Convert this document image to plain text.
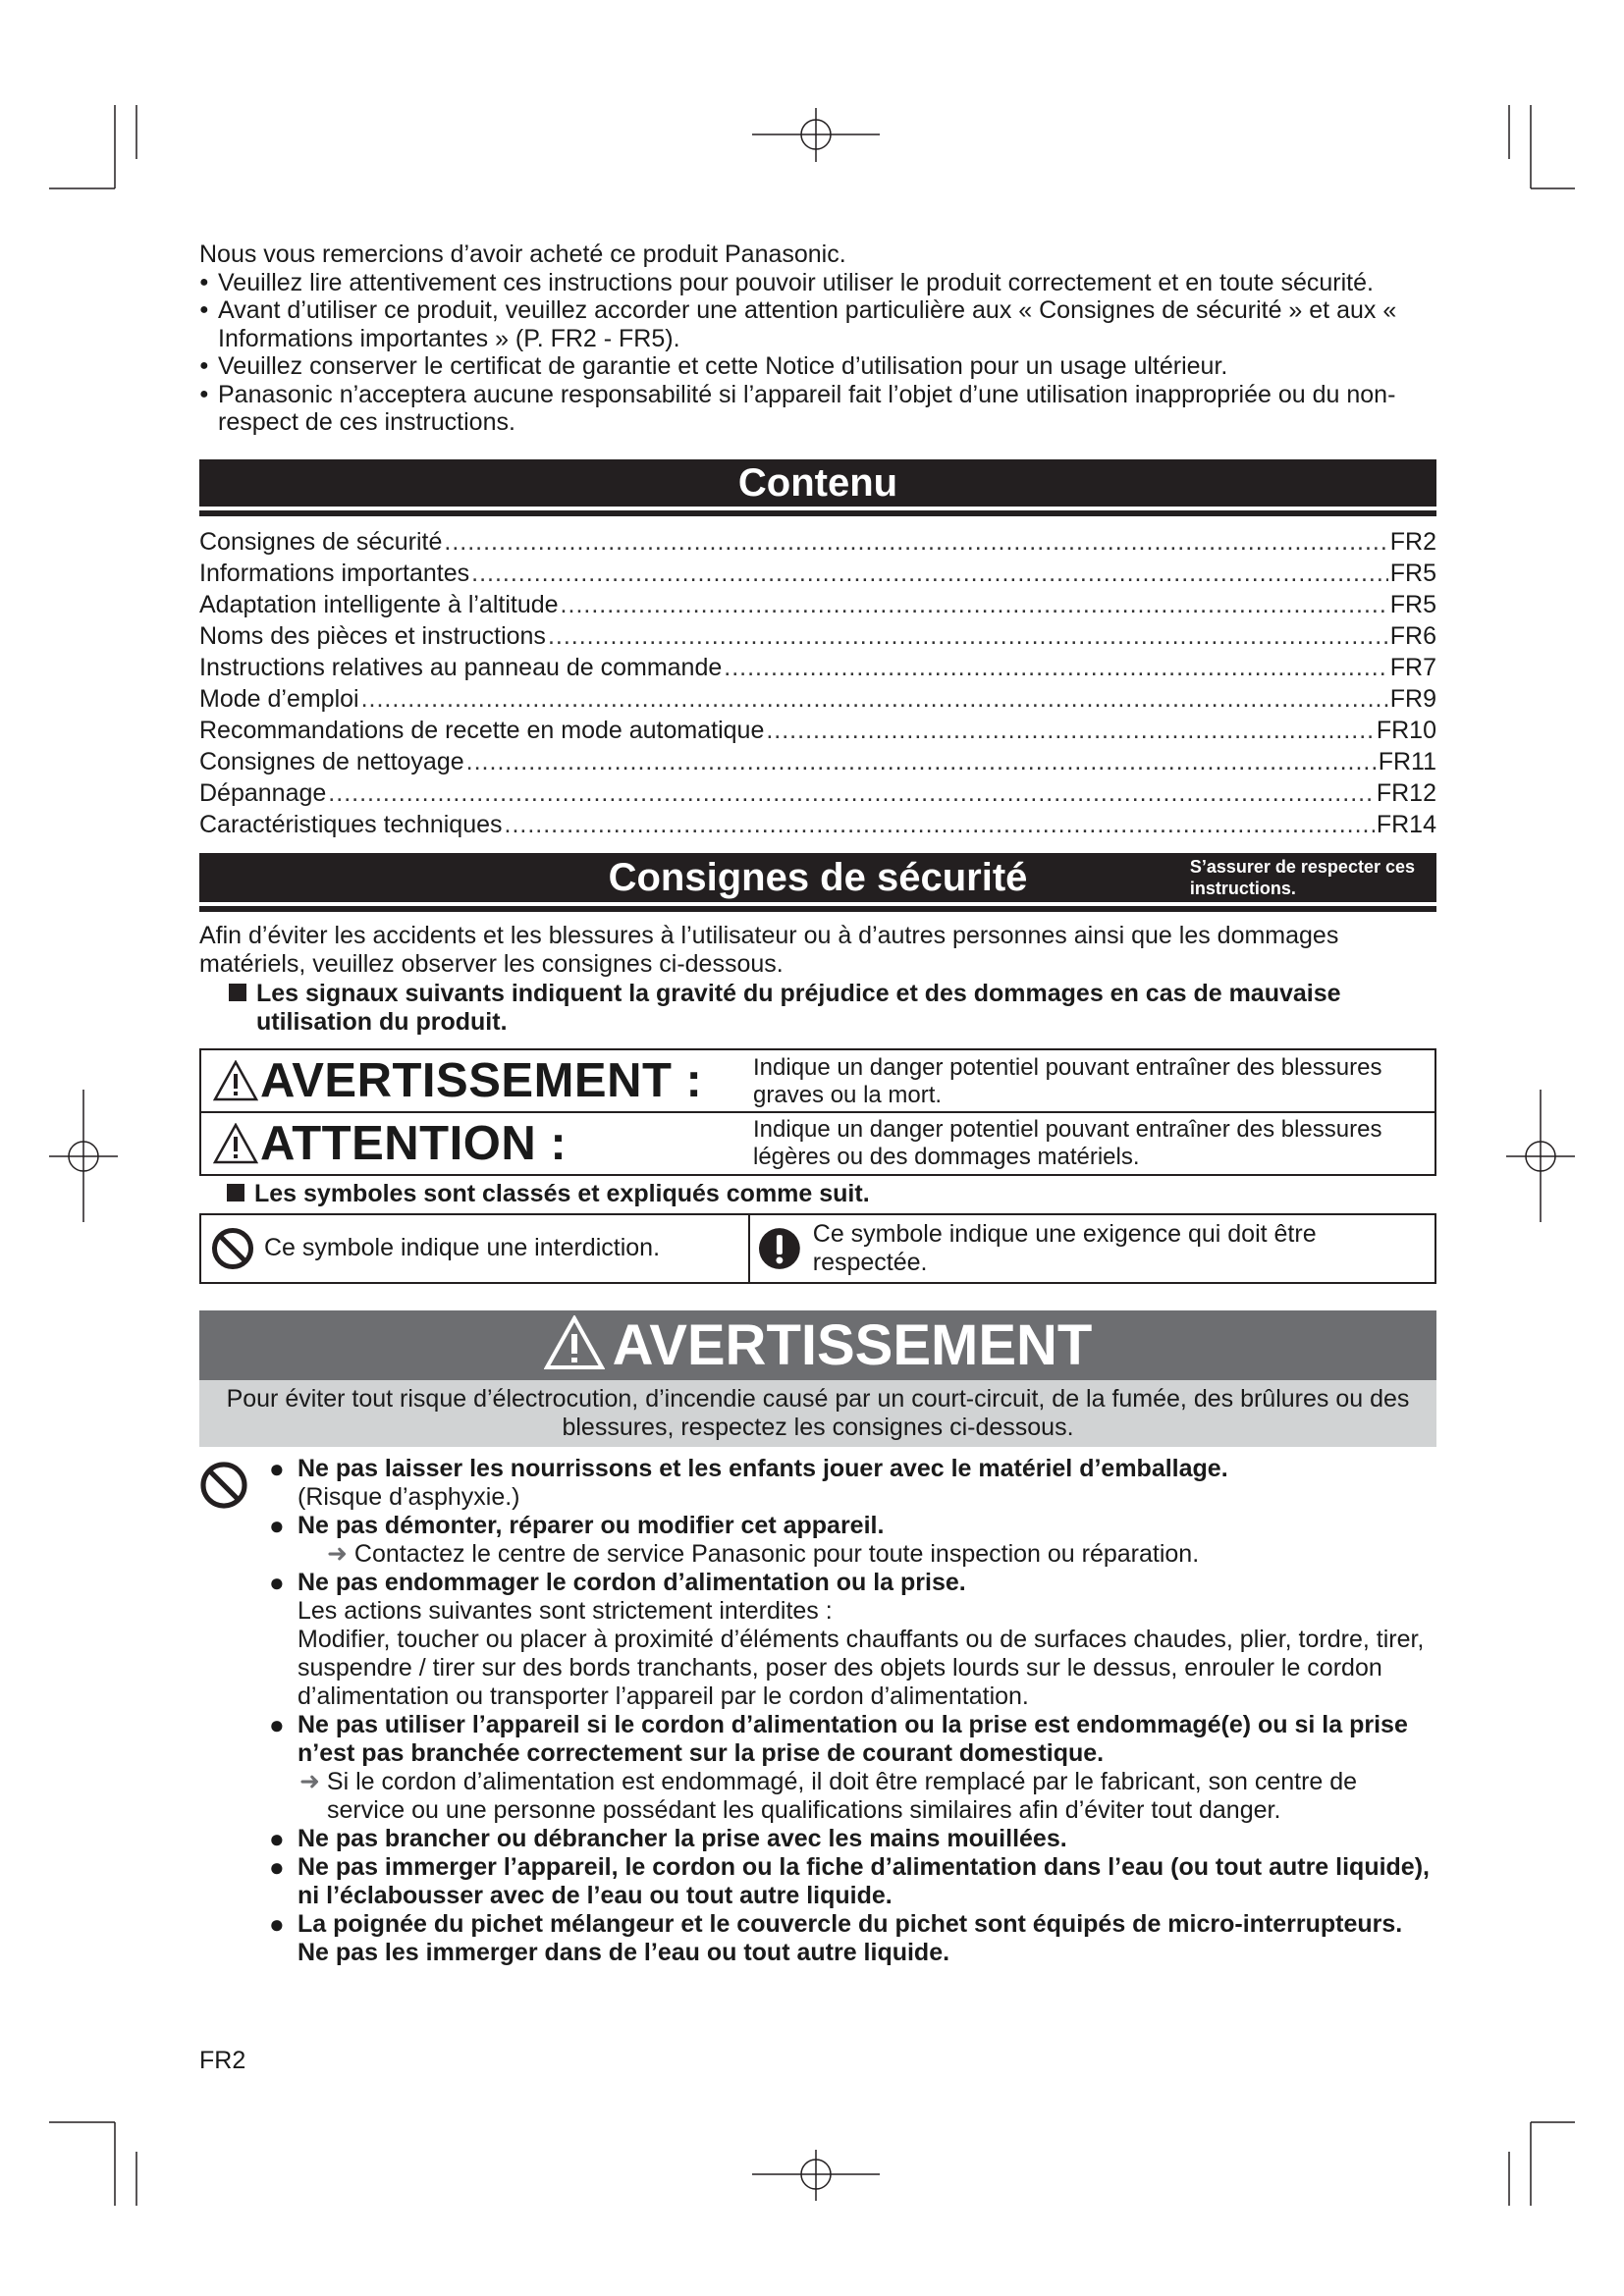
Nous vous remercions d’avoir acheté ce produit Panasonic.
● Veuillez lire attentivement ces instructions pour pouvoir utiliser le produit correctement et en toute sécurité.
● Avant d’utiliser ce produit, veuillez accorder une attention particulière aux « Consignes de sécurité » et aux « Informations importantes » (P. FR2 - FR5).
● Veuillez conserver le certificat de garantie et cette Notice d’utilisation pour un usage ultérieur.
● Panasonic n’acceptera aucune responsabilité si l’appareil fait l’objet d’une utilisation inappropriée ou du non-respect de ces instructions.
Contenu
Consignes de sécurité .....	FR2
Informations importantes .....	FR5
Adaptation intelligente à l’altitude .....	FR5
Noms des pièces et instructions .....	FR6
Instructions relatives au panneau de commande .....	FR7
Mode d’emploi .....	FR9
Recommandations de recette en mode automatique .....	FR10
Consignes de nettoyage .....	FR11
Dépannage .....	FR12
Caractéristiques techniques .....	FR14
Consignes de sécurité	S’assurer de respecter ces
instructions.
Afin d’éviter les accidents et les blessures à l’utilisateur ou à d’autres personnes ainsi que les dommages matériels, veuillez observer les consignes ci-dessous.
Les signaux suivants indiquent la gravité du préjudice et des dommages en cas de mauvaise utilisation du produit.
AVERTISSEMENT : Indique un danger potentiel pouvant entraîner des blessures graves ou la mort.
ATTENTION :	Indique un danger potentiel pouvant entraîner des blessures légères ou des dommages matériels.
Les symboles sont classés et expliqués comme suit.
Ce symbole indique une interdiction.
Ce symbole indique une exigence qui doit être respectée.
AVERTISSEMENT
Pour éviter tout risque d’électrocution, d’incendie causé par un court-circuit, de la fumée, des brûlures ou des blessures, respectez les consignes ci-dessous.
● Ne pas laisser les nourrissons et les enfants jouer avec le matériel d’emballage.
(Risque d’asphyxie.)
● Ne pas démonter, réparer ou modifier cet appareil.
➜ Contactez le centre de service Panasonic pour toute inspection ou réparation.
● Ne pas endommager le cordon d’alimentation ou la prise.
Les actions suivantes sont strictement interdites :
Modifier, toucher ou placer à proximité d’éléments chauffants ou de surfaces chaudes, plier, tordre, tirer, suspendre / tirer sur des bords tranchants, poser des objets lourds sur le dessus, enrouler le cordon d’alimentation ou transporter l’appareil par le cordon d’alimentation.
● Ne pas utiliser l’appareil si le cordon d’alimentation ou la prise est endommagé(e) ou si la prise n’est pas branchée correctement sur la prise de courant domestique.
➜ Si le cordon d’alimentation est endommagé, il doit être remplacé par le fabricant, son centre de service ou une personne possédant les qualifications similaires afin d’éviter tout danger.
● Ne pas brancher ou débrancher la prise avec les mains mouillées.
● Ne pas immerger l’appareil, le cordon ou la fiche d’alimentation dans l’eau (ou tout autre liquide), ni l’éclabousser avec de l’eau ou tout autre liquide.
● La poignée du pichet mélangeur et le couvercle du pichet sont équipés de micro-interrupteurs.
Ne pas les immerger dans de l’eau ou tout autre liquide.
FR2
